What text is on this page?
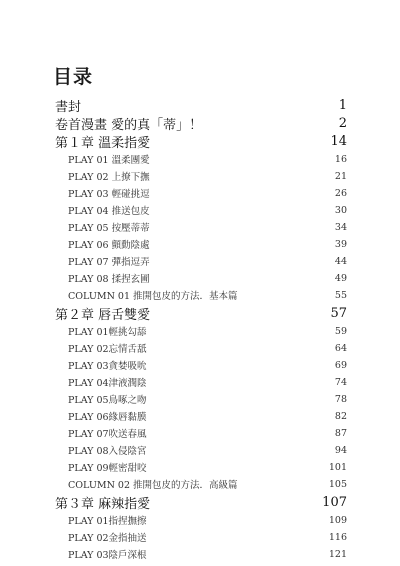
目录
書封	1
卷首漫畫 愛的真「蒂」！	2
第１章 溫柔指愛	14
PLAY 01 溫柔團愛	16
PLAY 02 上撩下撫	21
PLAY 03 輕碰挑逗	26
PLAY 04 推送包皮	30
PLAY 05 按壓蒂蒂	34
PLAY 06 顫動陰處	39
PLAY 07 彈指逗弄	44
PLAY 08 揉捏玄圃	49
COLUMN 01 推開包皮的方法．基本篇	55
第２章 唇舌雙愛	57
PLAY 01輕挑勾舔	59
PLAY 02忘情舌舐	64
PLAY 03貪婪吸吮	69
PLAY 04津液潤陰	74
PLAY 05鳥啄之吻	78
PLAY 06緣唇黏膜	82
PLAY 07吹送春風	87
PLAY 08入侵陰宮	94
PLAY 09輕密甜咬	101
COLUMN 02 推開包皮的方法．高級篇	105
第３章 麻辣指愛	107
PLAY 01指捏撫擦	109
PLAY 02金指抽送	116
PLAY 03陰戶深根	121
